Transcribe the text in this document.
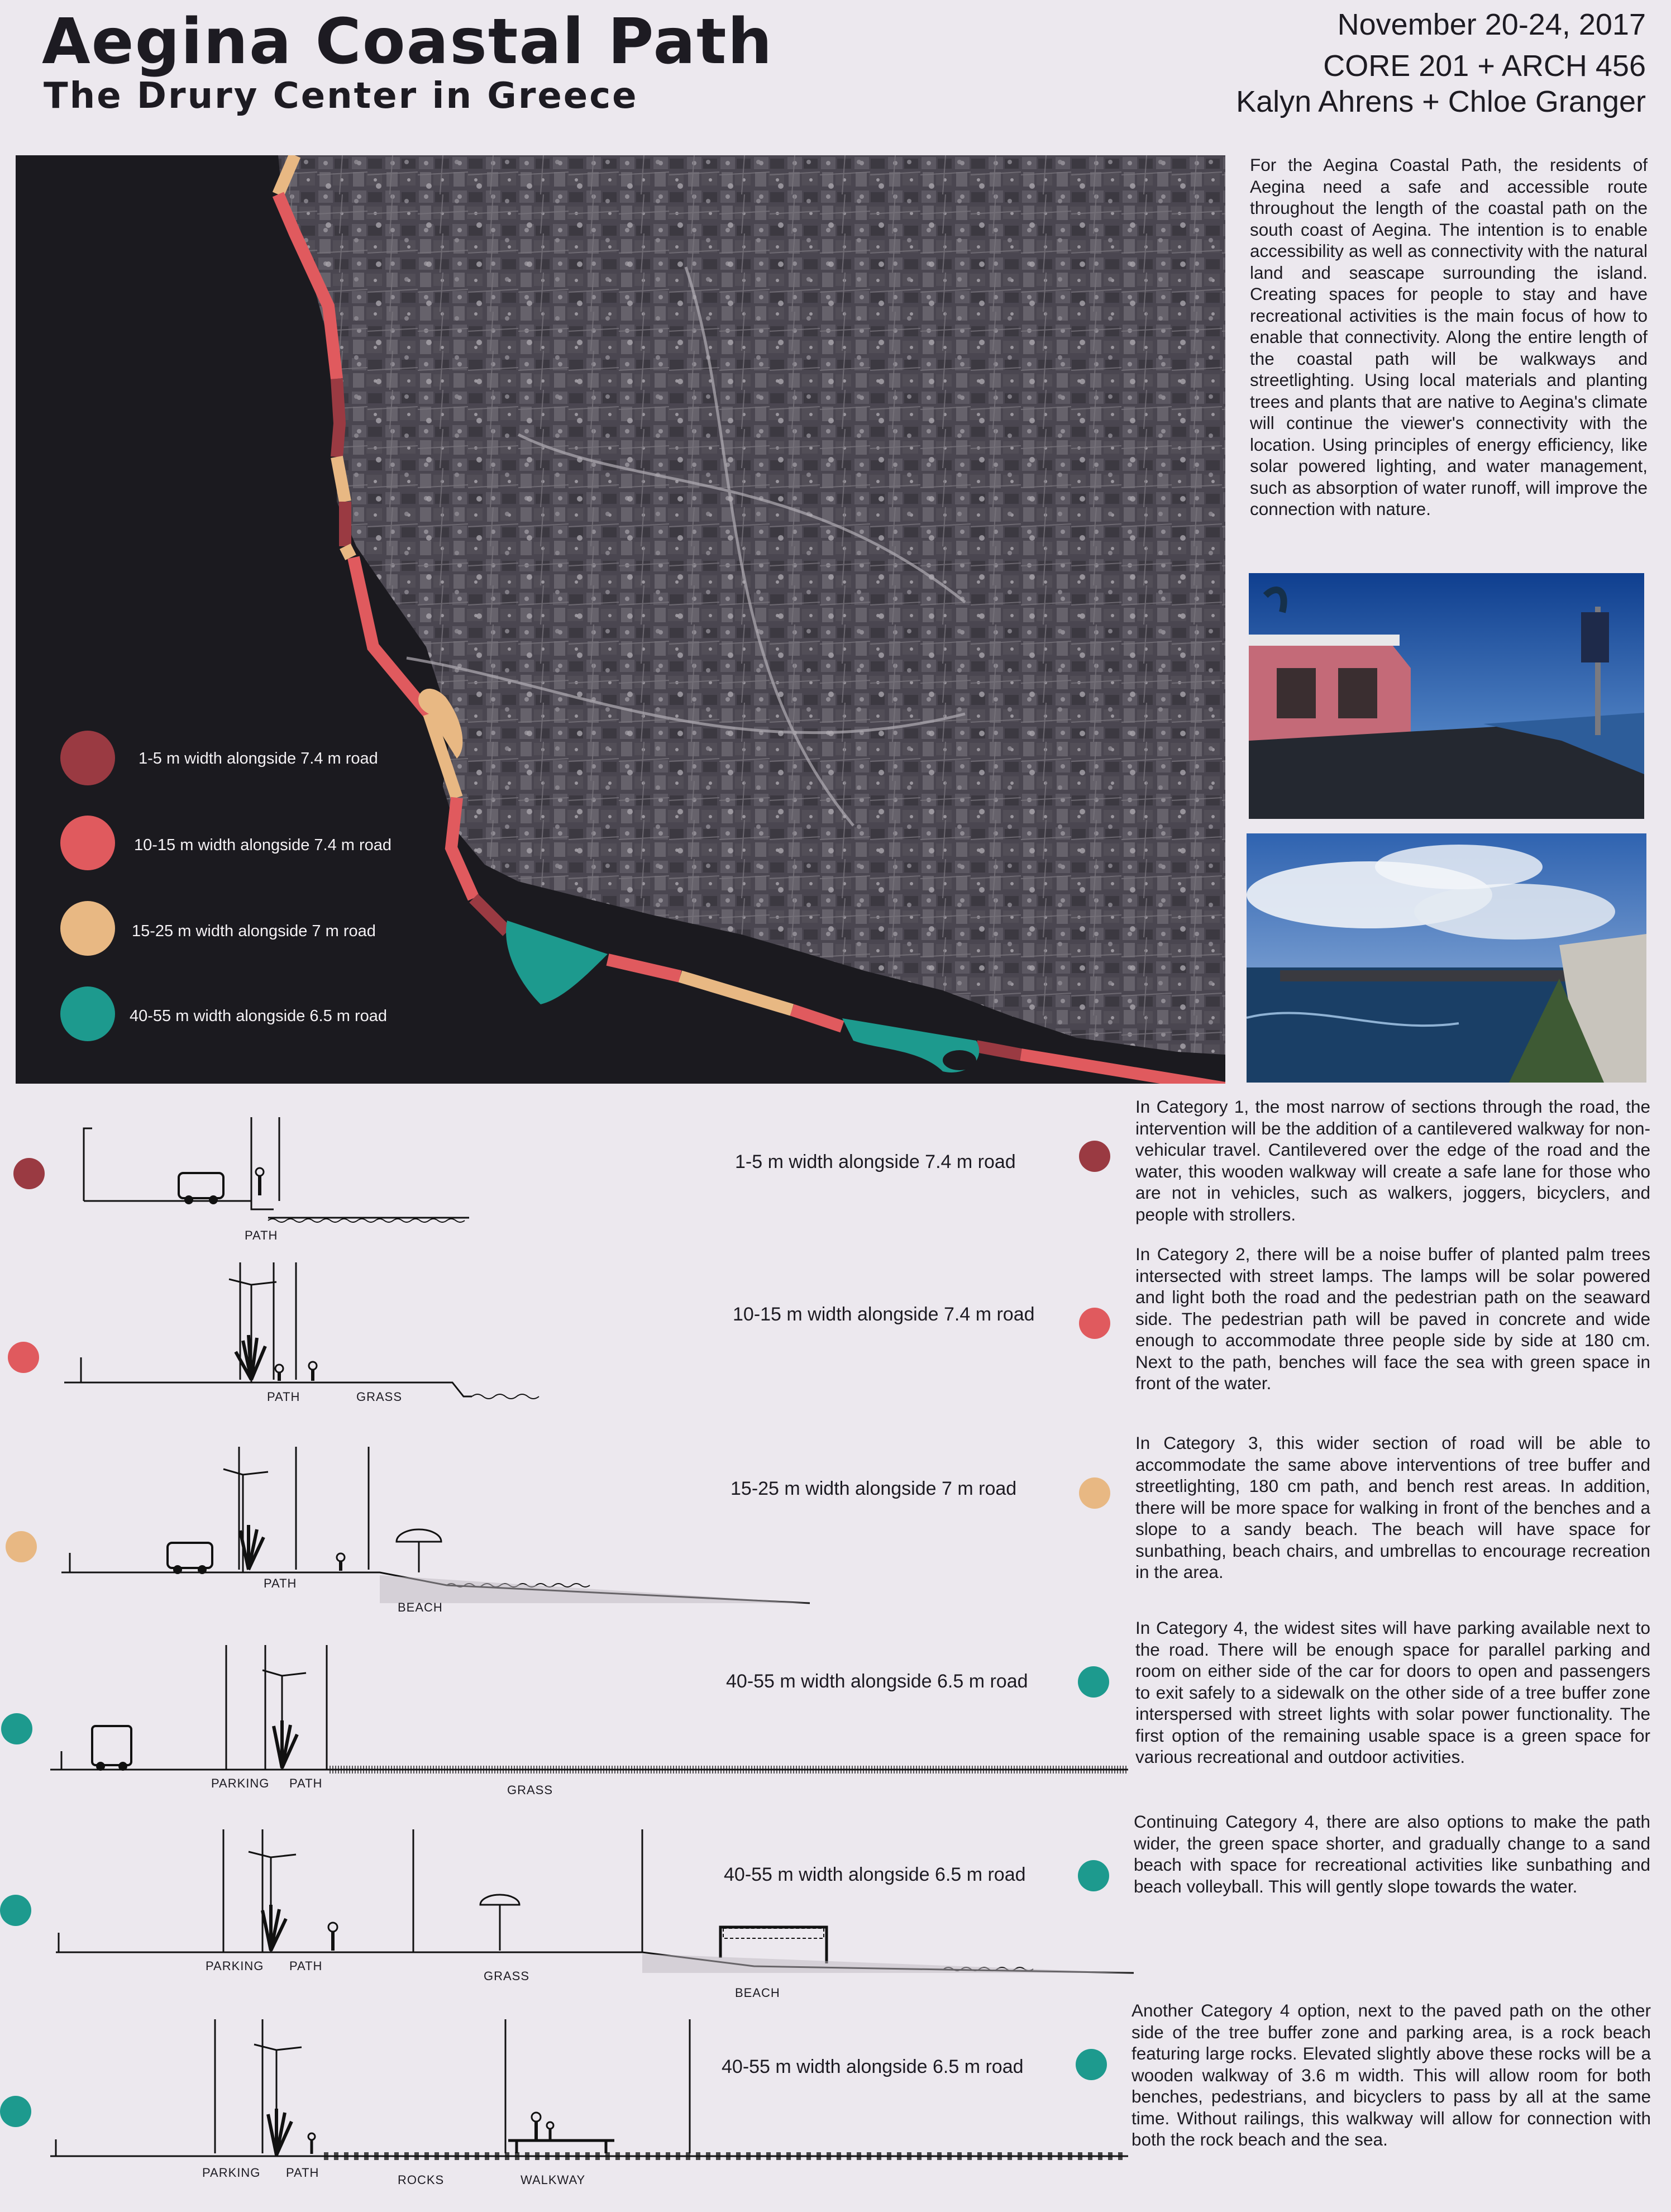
Aegina Coastal Path
The Drury Center in Greece
November 20-24, 2017
CORE 201 + ARCH 456
Kalyn Ahrens + Chloe Granger
1-5 m width alongside 7.4 m road
10-15 m width alongside 7.4 m road
15-25 m width alongside 7 m road
40-55 m width alongside 6.5 m road
For the Aegina Coastal Path, the residents of Aegina need a safe and accessible route throughout the length of the coastal path on the south coast of Aegina. The intention is to enable accessibility as well as connectivity with the natural land and seascape surrounding the island. Creating spaces for people to stay and have recreational activities is the main focus of how to enable that connectivity. Along the entire length of the coastal path will be walkways and streetlighting. Using local materials and planting trees and plants that are native to Aegina's climate will continue the viewer's connectivity with the location. Using principles of energy efficiency, like solar powered lighting, and water management, such as absorption of water runoff, will improve the connection with nature.
PATH
1-5 m width alongside 7.4 m road
In Category 1, the most narrow of sections through the road, the intervention will be the addition of a cantilevered walkway for non-vehicular travel. Cantilevered over the edge of the road and the water, this wooden walkway will create a safe lane for those who are not in vehicles, such as walkers, joggers, bicyclers, and people with strollers.
PATH	GRASS
10-15 m width alongside 7.4 m road
In Category 2, there will be a noise buffer of planted palm trees intersected with street lamps. The lamps will be solar powered and light both the road and the pedestrian path on the seaward side. The pedestrian path will be paved in concrete and wide enough to accommodate three people side by side at 180 cm. Next to the path, benches will face the sea with green space in front of the water.
PATH
BEACH
15-25 m width alongside 7 m road
In Category 3, this wider section of road will be able to accommodate the same above interventions of tree buffer and streetlighting, 180 cm path, and bench rest areas. In addition, there will be more space for walking in front of the benches and a slope to a sandy beach. The beach will have space for sunbathing, beach chairs, and umbrellas to encourage recreation in the area.
PARKING PATH	GRASS
40-55 m width alongside 6.5 m road
In Category 4, the widest sites will have parking available next to the road. There will be enough space for parallel parking and room on either side of the car for doors to open and passengers to exit safely to a sidewalk on the other side of a tree buffer zone interspersed with street lights with solar power functionality. The first option of the remaining usable space is a green space for various recreational and outdoor activities.
PARKING PATH
GRASS
BEACH
40-55 m width alongside 6.5 m road
Continuing Category 4, there are also options to make the path wider, the green space shorter, and gradually change to a sand beach with space for recreational activities like sunbathing and beach volleyball. This will gently slope towards the water.
PARKING PATH
ROCKS	WALKWAY
40-55 m width alongside 6.5 m road
Another Category 4 option, next to the paved path on the other side of the tree buffer zone and parking area, is a rock beach featuring large rocks. Elevated slightly above these rocks will be a wooden walkway of 3.6 m width. This will allow room for both benches, pedestrians, and bicyclers to pass by all at the same time. Without railings, this walkway will allow for connection with both the rock beach and the sea.
